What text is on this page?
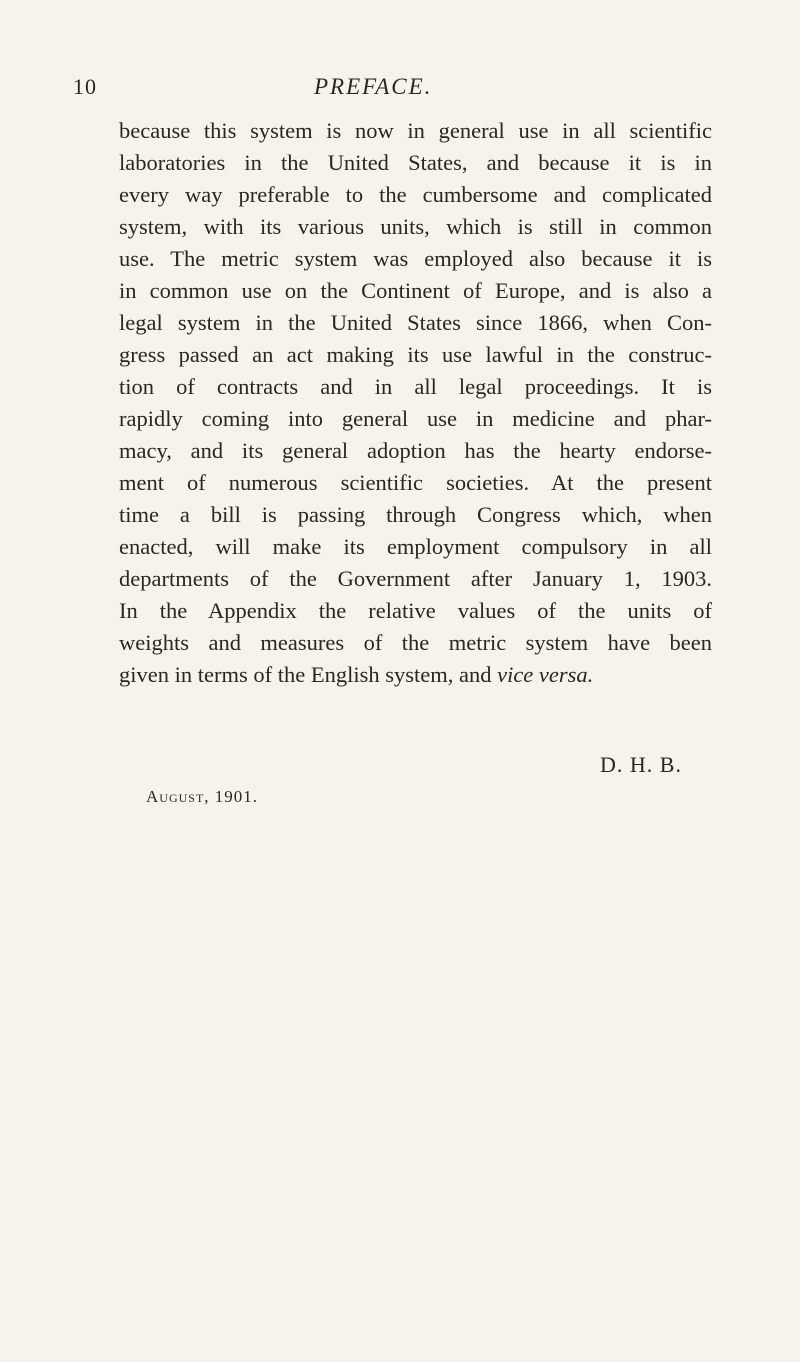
10	PREFACE.
because this system is now in general use in all scientific
laboratories in the United States, and because it is in
every way preferable to the cumbersome and complicated
system, with its various units, which is still in common
use. The metric system was employed also because it is
in common use on the Continent of Europe, and is also a
legal system in the United States since 1866, when Con-
gress passed an act making its use lawful in the construc-
tion of contracts and in all legal proceedings. It is
rapidly coming into general use in medicine and phar-
macy, and its general adoption has the hearty endorse-
ment of numerous scientific societies. At the present
time a bill is passing through Congress which, when
enacted, will make its employment compulsory in all
departments of the Government after January 1, 1903.
In the Appendix the relative values of the units of
weights and measures of the metric system have been
given in terms of the English system, and vice versa.
D. H. B.
August, 1901.
